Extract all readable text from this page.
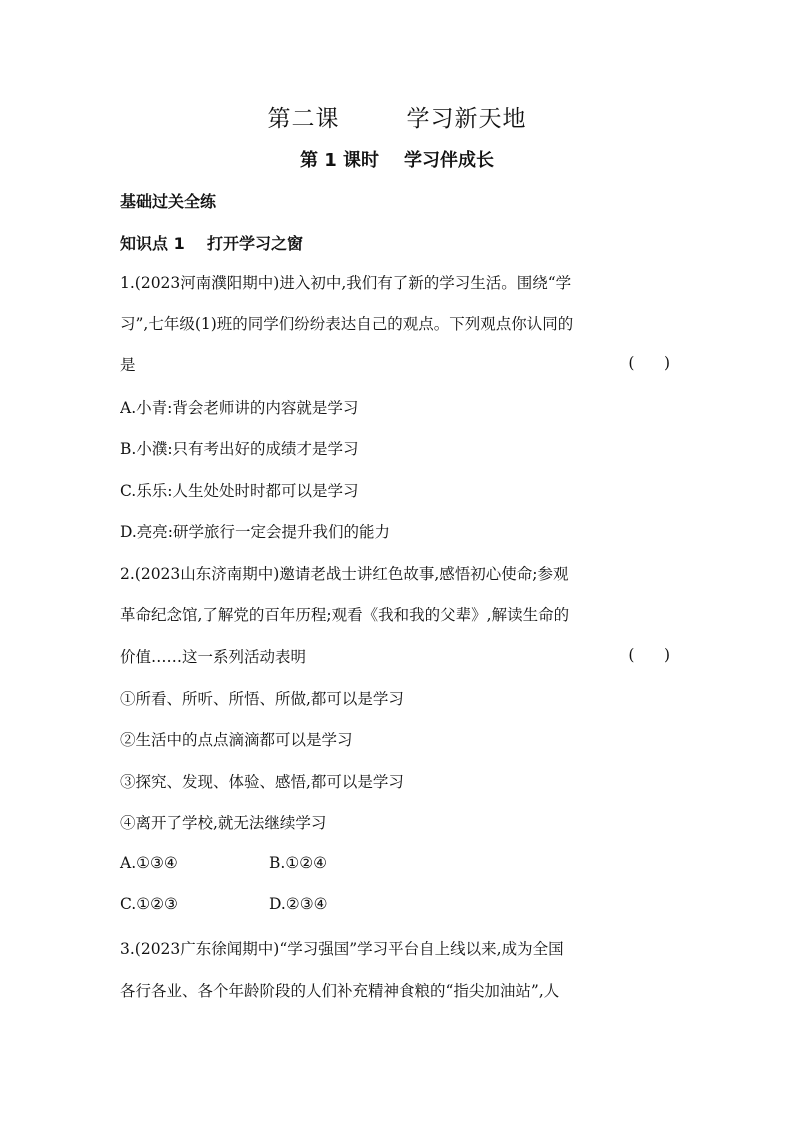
第二课   学习新天地
第 1 课时    学习伴成长
基础过关全练
知识点 1    打开学习之窗
1.(2023河南濮阳期中)进入初中,我们有了新的学习生活。围绕“学
习”,七年级(1)班的同学们纷纷表达自己的观点。下列观点你认同的
是	(      )
A.小青:背会老师讲的内容就是学习
B.小濮:只有考出好的成绩才是学习
C.乐乐:人生处处时时都可以是学习
D.亮亮:研学旅行一定会提升我们的能力
2.(2023山东济南期中)邀请老战士讲红色故事,感悟初心使命;参观
革命纪念馆,了解党的百年历程;观看《我和我的父辈》,解读生命的
价值……这一系列活动表明	(      )
①所看、所听、所悟、所做,都可以是学习
②生活中的点点滴滴都可以是学习
③探究、发现、体验、感悟,都可以是学习
④离开了学校,就无法继续学习
A.①③④	B.①②④
C.①②③	D.②③④
3.(2023广东徐闻期中)“学习强国”学习平台自上线以来,成为全国
各行各业、各个年龄阶段的人们补充精神食粮的“指尖加油站”,人
